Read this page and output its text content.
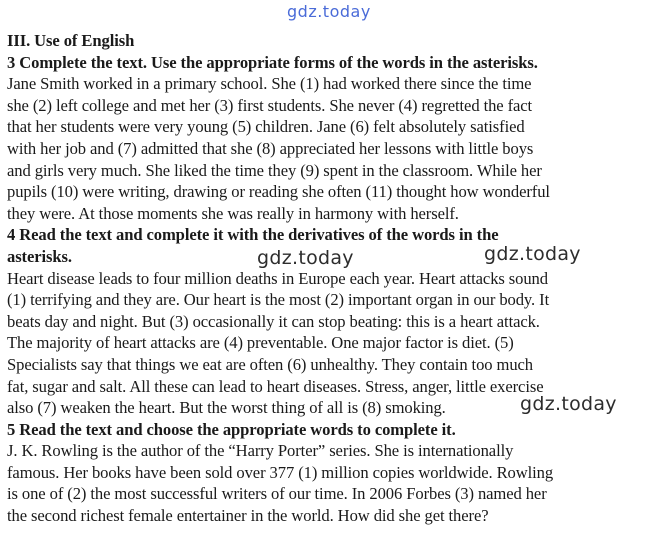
gdz.today
III. Use of English
3 Complete the text. Use the appropriate forms of the words in the asterisks.
Jane Smith worked in a primary school. She (1) had worked there since the time
she (2) left college and met her (3) first students. She never (4) regretted the fact
that her students were very young (5) children. Jane (6) felt absolutely satisfied
with her job and (7) admitted that she (8) appreciated her lessons with little boys
and girls very much. She liked the time they (9) spent in the classroom. While her
pupils (10) were writing, drawing or reading she often (11) thought how wonderful
they were. At those moments she was really in harmony with herself.
4 Read the text and complete it with the derivatives of the words in the
asterisks.
Heart disease leads to four million deaths in Europe each year. Heart attacks sound
(1) terrifying and they are. Our heart is the most (2) important organ in our body. It
beats day and night. But (3) occasionally it can stop beating: this is a heart attack.
The majority of heart attacks are (4) preventable. One major factor is diet. (5)
Specialists say that things we eat are often (6) unhealthy. They contain too much
fat, sugar and salt. All these can lead to heart diseases. Stress, anger, little exercise
also (7) weaken the heart. But the worst thing of all is (8) smoking.
5 Read the text and choose the appropriate words to complete it.
J. K. Rowling is the author of the “Harry Porter” series. She is internationally
famous. Her books have been sold over 377 (1) million copies worldwide. Rowling
is one of (2) the most successful writers of our time. In 2006 Forbes (3) named her
the second richest female entertainer in the world. How did she get there?
gdz.today	gdz.today
gdz.today
